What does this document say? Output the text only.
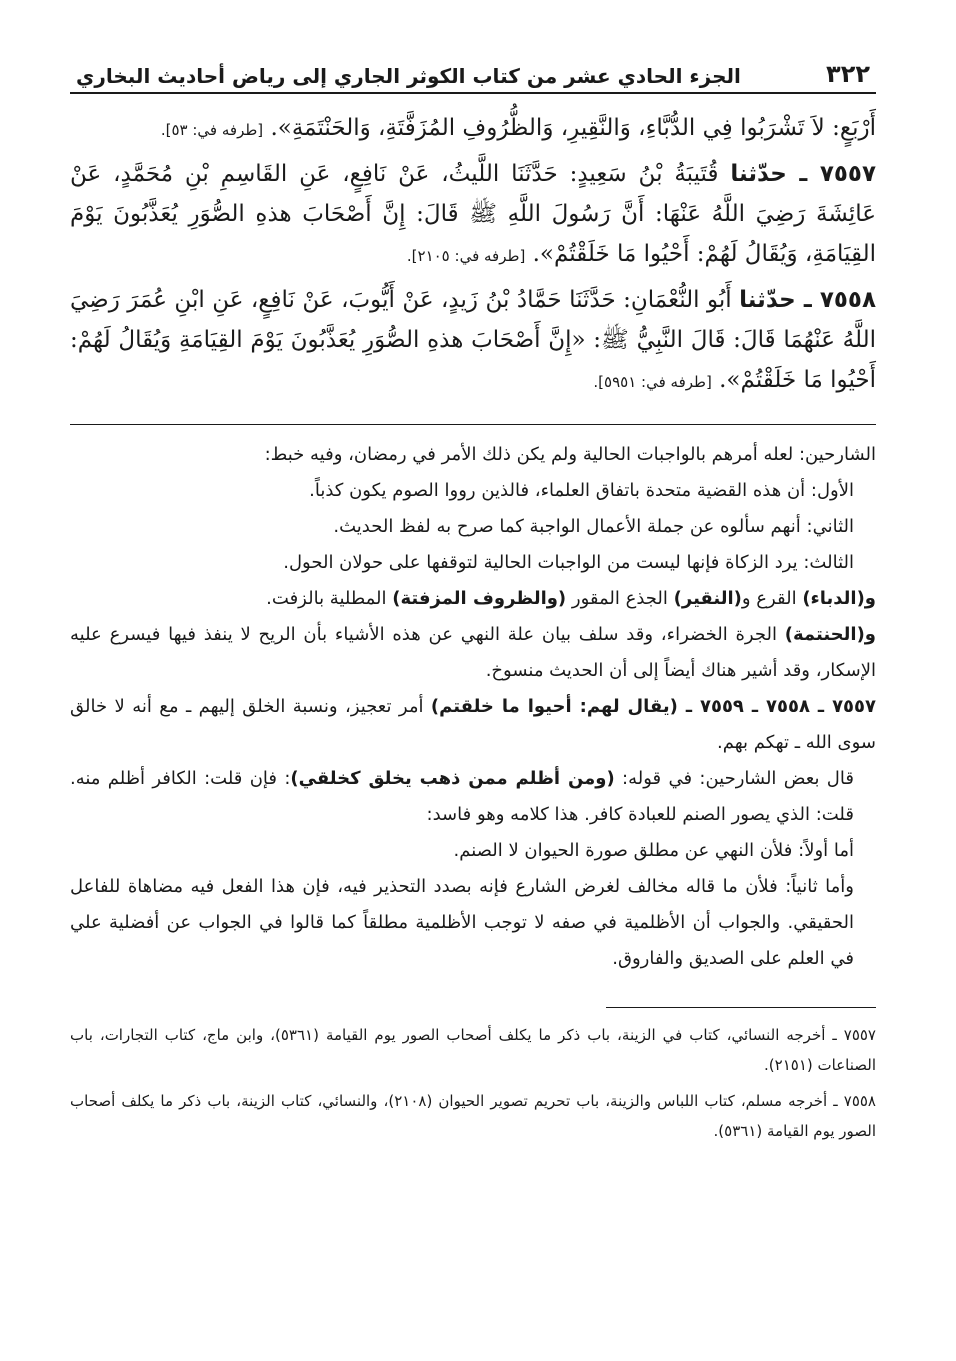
٣٢٢
الجزء الحادي عشر من كتاب الكوثر الجاري إلى رياض أحاديث البخاري

أَرْبَعٍ: لاَ تَشْرَبُوا فِي الدُّبَّاءِ، وَالنَّقِيرِ، وَالظُّرُوفِ المُزَفَّتَةِ، وَالحَنْتَمَةِ». [طرفه في: ٥٣].

٧٥٥٧ ـ حدّثنا قُتَيبَةُ بْنُ سَعِيدٍ: حَدَّثَنَا اللَّيثُ، عَنْ نَافِعٍ، عَنِ القَاسِمِ بْنِ مُحَمَّدٍ، عَنْ عَائِشَةَ رَضِيَ اللَّهُ عَنْهَا: أَنَّ رَسُولَ اللَّهِ ﷺ قَالَ: إِنَّ أَصْحَابَ هذهِ الصُّوَرِ يُعَذَّبُونَ يَوْمَ القِيَامَةِ، وَيُقَالُ لَهُمْ: أَحْيُوا مَا خَلَقْتُمْ». [طرفه في: ٢١٠٥].

٧٥٥٨ ـ حدّثنا أَبُو النُّعْمَانِ: حَدَّثَنَا حَمَّادُ بْنُ زَيدٍ، عَنْ أَيُّوبَ، عَنْ نَافِعٍ، عَنِ ابْنِ عُمَرَ رَضِيَ اللَّهُ عَنْهُمَا قَالَ: قَالَ النَّبِيُّ ﷺ: «إِنَّ أَصْحَابَ هذهِ الصُّوَرِ يُعَذَّبُونَ يَوْمَ القِيَامَةِ وَيُقَالُ لَهُمْ: أَحْيُوا مَا خَلَقْتُمْ». [طرفه في: ٥٩٥١].

الشارحين: لعله أمرهم بالواجبات الحالية ولم يكن ذلك الأمر في رمضان، وفيه خبط:

الأول: أن هذه القضية متحدة باتفاق العلماء، فالذين رووا الصوم يكون كذباً.

الثاني: أنهم سألوه عن جملة الأعمال الواجبة كما صرح به لفظ الحديث.

الثالث: يرد الزكاة فإنها ليست من الواجبات الحالية لتوقفها على حولان الحول.

و(الدباء) القرع و(النقير) الجذع المقور (والظروف المزفتة) المطلية بالزفت.

و(الحنتمة) الجرة الخضراء، وقد سلف بيان علة النهي عن هذه الأشياء بأن الريح لا ينفذ فيها فيسرع عليه الإسكار، وقد أشير هناك أيضاً إلى أن الحديث منسوخ.

٧٥٥٧ ـ ٧٥٥٨ ـ ٧٥٥٩ ـ (يقال لهم: أحيوا ما خلقتم) أمر تعجيز، ونسبة الخلق إليهم ـ مع أنه لا خالق سوى الله ـ تهكم بهم.

قال بعض الشارحين: في قوله: (ومن أظلم ممن ذهب يخلق كخلقي): فإن قلت: الكافر أظلم منه. قلت: الذي يصور الصنم للعبادة كافر. هذا كلامه وهو فاسد:

أما أولاً: فلأن النهي عن مطلق صورة الحيوان لا الصنم.

وأما ثانياً: فلأن ما قاله مخالف لغرض الشارع فإنه بصدد التحذير فيه، فإن هذا الفعل فيه مضاهاة للفاعل الحقيقي. والجواب أن الأظلمية في صفه لا توجب الأظلمية مطلقاً كما قالوا في الجواب عن أفضلية علي في العلم على الصديق والفاروق.

٧٥٥٧ ـ أخرجه النسائي، كتاب في الزينة، باب ذكر ما يكلف أصحاب الصور يوم القيامة (٥٣٦١)، وابن ماج، كتاب التجارات، باب الصناعات (٢١٥١).

٧٥٥٨ ـ أخرجه مسلم، كتاب اللباس والزينة، باب تحريم تصوير الحيوان (٢١٠٨)، والنسائي، كتاب الزينة، باب ذكر ما يكلف أصحاب الصور يوم القيامة (٥٣٦١).
